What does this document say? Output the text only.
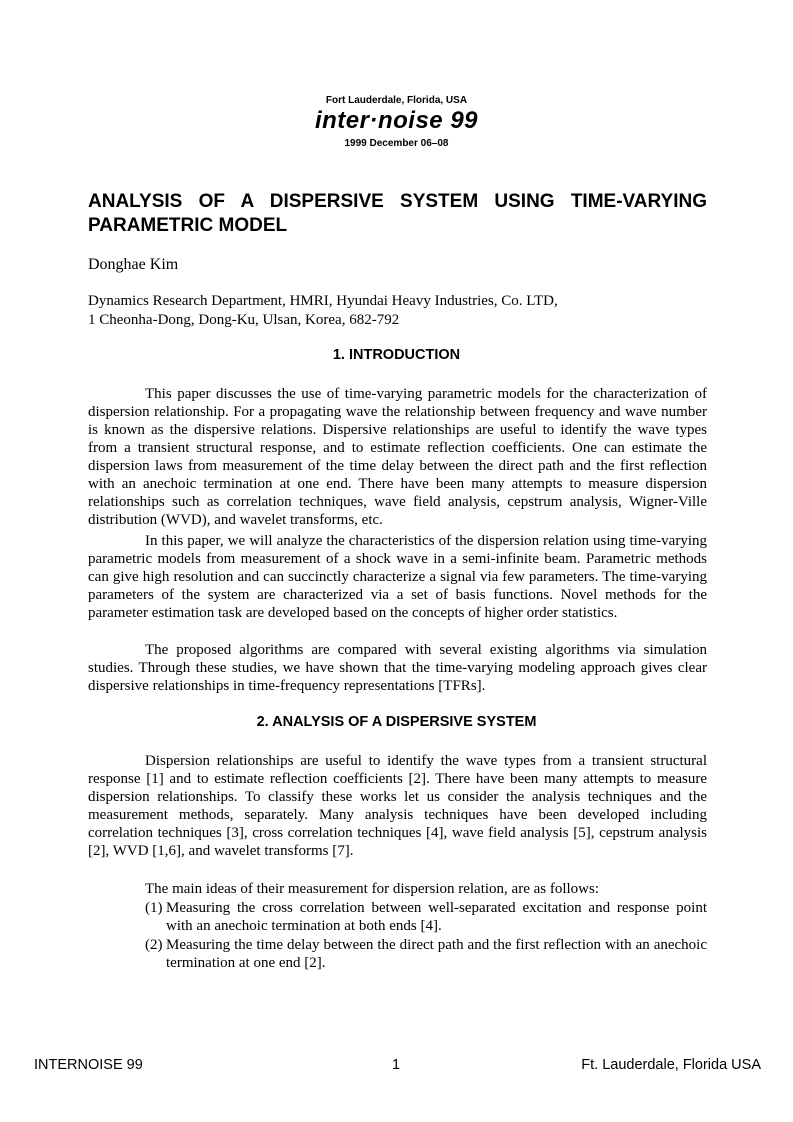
Fort Lauderdale, Florida, USA
inter·noise 99
1999 December 06–08
ANALYSIS OF A DISPERSIVE SYSTEM USING TIME-VARYING PARAMETRIC MODEL
Donghae Kim
Dynamics Research Department, HMRI, Hyundai Heavy Industries, Co. LTD,
1 Cheonha-Dong, Dong-Ku, Ulsan, Korea, 682-792
1. INTRODUCTION

This paper discusses the use of time-varying parametric models for the characterization of dispersion relationship. For a propagating wave the relationship between frequency and wave number is known as the dispersive relations. Dispersive relationships are useful to identify the wave types from a transient structural response, and to estimate reflection coefficients. One can estimate the dispersion laws from measurement of the time delay between the direct path and the first reflection with an anechoic termination at one end. There have been many attempts to measure dispersion relationships such as correlation techniques, wave field analysis, cepstrum analysis, Wigner-Ville distribution (WVD), and wavelet transforms, etc.

In this paper, we will analyze the characteristics of the dispersion relation using time-varying parametric models from measurement of a shock wave in a semi-infinite beam. Parametric methods can give high resolution and can succinctly characterize a signal via few parameters. The time-varying parameters of the system are characterized via a set of basis functions. Novel methods for the parameter estimation task are developed based on the concepts of higher order statistics.

The proposed algorithms are compared with several existing algorithms via simulation studies. Through these studies, we have shown that the time-varying modeling approach gives clear dispersive relationships in time-frequency representations [TFRs].

2. ANALYSIS OF A DISPERSIVE SYSTEM

Dispersion relationships are useful to identify the wave types from a transient structural response [1] and to estimate reflection coefficients [2]. There have been many attempts to measure dispersion relationships. To classify these works let us consider the analysis techniques and the measurement methods, separately. Many analysis techniques have been developed including correlation techniques [3], cross correlation techniques [4], wave field analysis [5], cepstrum analysis [2], WVD [1,6], and wavelet transforms [7].

The main ideas of their measurement for dispersion relation, are as follows:

(1) Measuring the cross correlation between well-separated excitation and response point with an anechoic termination at both ends [4].
(2) Measuring the time delay between the direct path and the first reflection with an anechoic termination at one end [2].
INTERNOISE 99	1	Ft. Lauderdale, Florida USA
